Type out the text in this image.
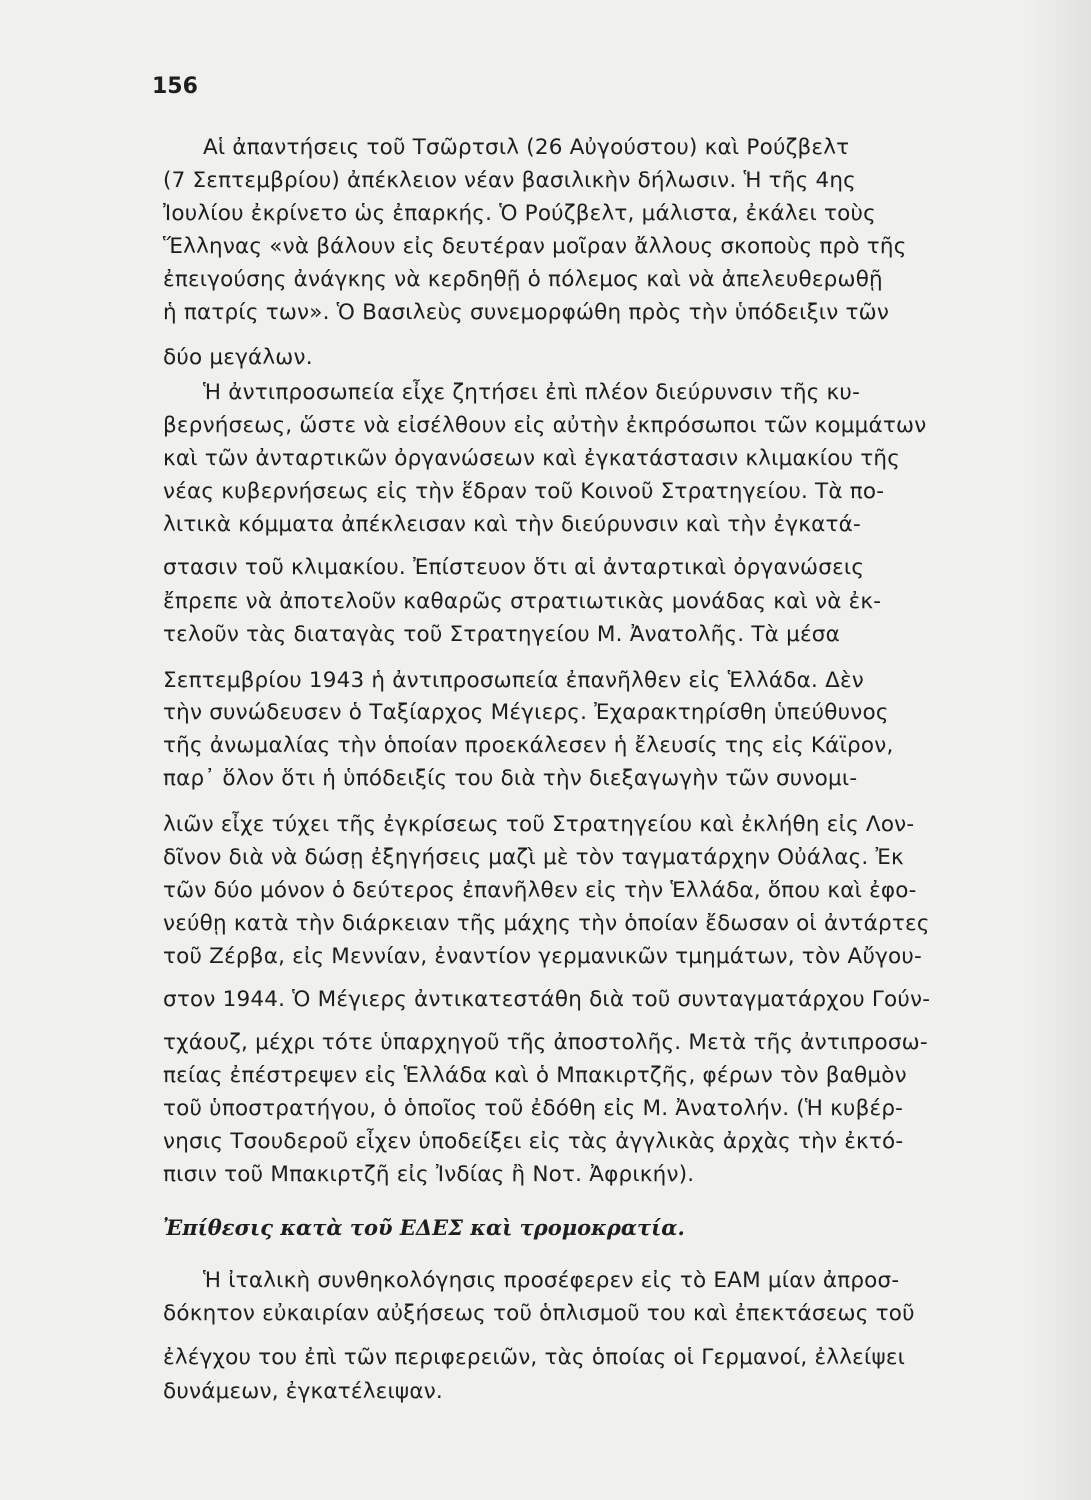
156
Αἱ ἀπαντήσεις τοῦ Τσῶρτσιλ (26 Αὐγούστου) καὶ Ρούζβελτ
(7 Σεπτεμβρίου) ἀπέκλειον νέαν βασιλικὴν δήλωσιν. Ἡ τῆς 4ης
Ἰουλίου ἐκρίνετο ὡς ἐπαρκής. Ὁ Ρούζβελτ, μάλιστα, ἐκάλει τοὺς
Ἕλληνας «νὰ βάλουν εἰς δευτέραν μοῖραν ἄλλους σκοποὺς πρὸ τῆς
ἐπειγούσης ἀνάγκης νὰ κερδηθῇ ὁ πόλεμος καὶ νὰ ἀπελευθερωθῇ
ἡ πατρίς των». Ὁ Βασιλεὺς συνεμορφώθη πρὸς τὴν ὑπόδειξιν τῶν
δύο μεγάλων.
Ἡ ἀντιπροσωπεία εἶχε ζητήσει ἐπὶ πλέον διεύρυνσιν τῆς κυ-
βερνήσεως, ὥστε νὰ εἰσέλθουν εἰς αὐτὴν ἐκπρόσωποι τῶν κομμάτων
καὶ τῶν ἀνταρτικῶν ὀργανώσεων καὶ ἐγκατάστασιν κλιμακίου τῆς
νέας κυβερνήσεως εἰς τὴν ἕδραν τοῦ Κοινοῦ Στρατηγείου. Τὰ πο-
λιτικὰ κόμματα ἀπέκλεισαν καὶ τὴν διεύρυνσιν καὶ τὴν ἐγκατά-
στασιν τοῦ κλιμακίου. Ἐπίστευον ὅτι αἱ ἀνταρτικαὶ ὀργανώσεις
ἔπρεπε νὰ ἀποτελοῦν καθαρῶς στρατιωτικὰς μονάδας καὶ νὰ ἐκ-
τελοῦν τὰς διαταγὰς τοῦ Στρατηγείου Μ. Ἀνατολῆς. Τὰ μέσα
Σεπτεμβρίου 1943 ἡ ἀντιπροσωπεία ἐπανῆλθεν εἰς Ἑλλάδα. Δὲν
τὴν συνώδευσεν ὁ Ταξίαρχος Μέγιερς. Ἐχαρακτηρίσθη ὑπεύθυνος
τῆς ἀνωμαλίας τὴν ὁποίαν προεκάλεσεν ἡ ἔλευσίς της εἰς Κάϊρον,
παρ᾽ ὅλον ὅτι ἡ ὑπόδειξίς του διὰ τὴν διεξαγωγὴν τῶν συνομι-
λιῶν εἶχε τύχει τῆς ἐγκρίσεως τοῦ Στρατηγείου καὶ ἐκλήθη εἰς Λον-
δῖνον διὰ νὰ δώσῃ ἐξηγήσεις μαζὶ μὲ τὸν ταγματάρχην Οὐάλας. Ἐκ
τῶν δύο μόνον ὁ δεύτερος ἐπανῆλθεν εἰς τὴν Ἑλλάδα, ὅπου καὶ ἐφο-
νεύθῃ κατὰ τὴν διάρκειαν τῆς μάχης τὴν ὁποίαν ἔδωσαν οἱ ἀντάρτες
τοῦ Ζέρβα, εἰς Μεννίαν, ἐναντίον γερμανικῶν τμημάτων, τὸν Αὔγου-
στον 1944. Ὁ Μέγιερς ἀντικατεστάθη διὰ τοῦ συνταγματάρχου Γούν-
τχάουζ, μέχρι τότε ὑπαρχηγοῦ τῆς ἀποστολῆς. Μετὰ τῆς ἀντιπροσω-
πείας ἐπέστρεψεν εἰς Ἑλλάδα καὶ ὁ Μπακιρτζῆς, φέρων τὸν βαθμὸν
τοῦ ὑποστρατήγου, ὁ ὁποῖος τοῦ ἐδόθη εἰς Μ. Ἀνατολήν. (Ἡ κυβέρ-
νησις Τσουδεροῦ εἶχεν ὑποδείξει εἰς τὰς ἀγγλικὰς ἀρχὰς τὴν ἐκτό-
πισιν τοῦ Μπακιρτζῆ εἰς Ἰνδίας ἢ Νοτ. Ἀφρικήν).
Ἐπίθεσις κατὰ τοῦ ΕΔΕΣ καὶ τρομοκρατία.
Ἡ ἰταλικὴ συνθηκολόγησις προσέφερεν εἰς τὸ ΕΑΜ μίαν ἀπροσ-
δόκητον εὐκαιρίαν αὐξήσεως τοῦ ὁπλισμοῦ του καὶ ἐπεκτάσεως τοῦ
ἐλέγχου του ἐπὶ τῶν περιφερειῶν, τὰς ὁποίας οἱ Γερμανοί, ἐλλείψει
δυνάμεων, ἐγκατέλειψαν.
